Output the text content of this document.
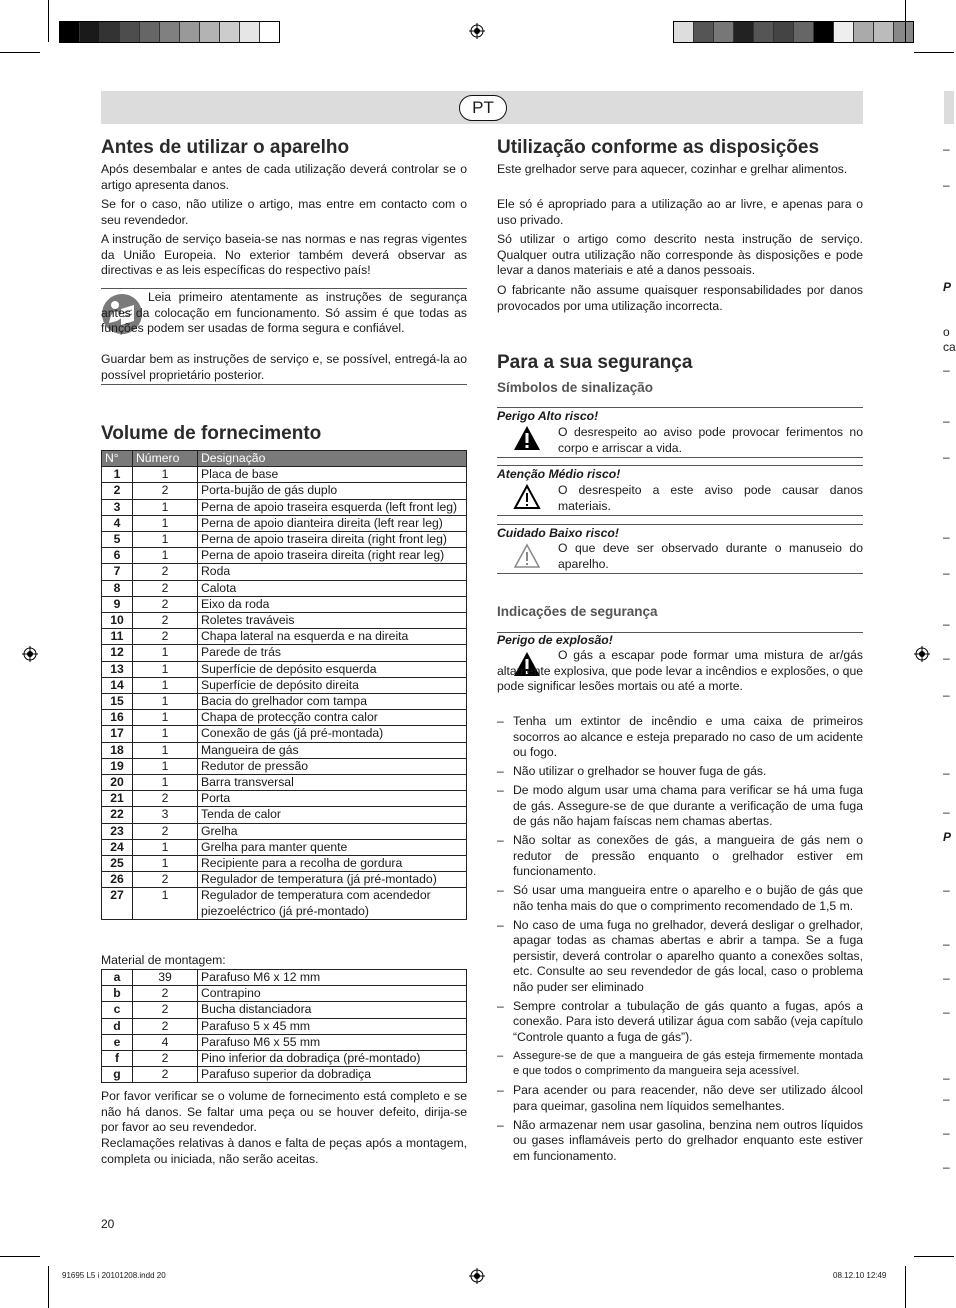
PT
Antes de utilizar o aparelho

Após desembalar e antes de cada utilização deverá controlar se o artigo apresenta danos.

Se for o caso, não utilize o artigo, mas entre em contacto com o seu revendedor.

A instrução de serviço baseia-se nas normas e nas regras vigentes da União Europeia. No exterior também deverá observar as directivas e as leis específicas do respectivo país!

Leia primeiro atentamente as instruções de segurança antes da colocação em funcionamento. Só assim é que todas as funções podem ser usadas de forma segura e confiável.

Guardar bem as instruções de serviço e, se possível, entregá-la ao possível proprietário posterior.

Volume de fornecimento
N°	Número	Designação
1	1	Placa de base
2	2	Porta-bujão de gás duplo
3	1	Perna de apoio traseira esquerda (left front leg)
4	1	Perna de apoio dianteira direita (left rear leg)
5	1	Perna de apoio traseira direita (right front leg)
6	1	Perna de apoio traseira direita (right rear leg)
7	2	Roda
8	2	Calota
9	2	Eixo da roda
10	2	Roletes traváveis
11	2	Chapa lateral na esquerda e na direita
12	1	Parede de trás
13	1	Superfície de depósito esquerda
14	1	Superfície de depósito direita
15	1	Bacia do grelhador com tampa
16	1	Chapa de protecção contra calor
17	1	Conexão de gás (já pré-montada)
18	1	Mangueira de gás
19	1	Redutor de pressão
20	1	Barra transversal
21	2	Porta
22	3	Tenda de calor
23	2	Grelha
24	1	Grelha para manter quente
25	1	Recipiente para a recolha de gordura
26	2	Regulador de temperatura (já pré-montado)
27	1	Regulador de temperatura com acendedor piezoeléctrico (já pré-montado)

Material de montagem:

a	39	Parafuso M6 x 12 mm
b	2	Contrapino
c	2	Bucha distanciadora
d	2	Parafuso 5 x 45 mm
e	4	Parafuso M6 x 55 mm
f	2	Pino inferior da dobradiça (pré-montado)
g	2	Parafuso superior da dobradiça

Por favor verificar se o volume de fornecimento está completo e se não há danos. Se faltar uma peça ou se houver defeito, dirija-se por favor ao seu revendedor.

Reclamações relativas à danos e falta de peças após a montagem, completa ou iniciada, não serão aceitas.

Utilização conforme as disposições

Este grelhador serve para aquecer, cozinhar e grelhar alimentos.

Ele só é apropriado para a utilização ao ar livre, e apenas para o uso privado.

Só utilizar o artigo como descrito nesta instrução de serviço. Qualquer outra utilização não corresponde às disposições e pode levar a danos materiais e até a danos pessoais.

O fabricante não assume quaisquer responsabilidades por danos provocados por uma utilização incorrecta.

Para a sua segurança
Símbolos de sinalização
Perigo Alto risco!

O desrespeito ao aviso pode provocar ferimentos no corpo e arriscar a vida.

Atenção Médio risco!

O desrespeito a este aviso pode causar danos materiais.

Cuidado Baixo risco!

O que deve ser observado durante o manuseio do aparelho.

Indicações de segurança
Perigo de explosão!

O gás a escapar pode formar uma mistura de ar/gás altamente explosiva, que pode levar a incêndios e explosões, o que pode significar lesões mortais ou até a morte.

– Tenha um extintor de incêndio e uma caixa de primeiros socorros ao alcance e esteja preparado no caso de um acidente ou fogo.
– Não utilizar o grelhador se houver fuga de gás.
– De modo algum usar uma chama para verificar se há uma fuga de gás. Assegure-se de que durante a verificação de uma fuga de gás não hajam faíscas nem chamas abertas.
– Não soltar as conexões de gás, a mangueira de gás nem o redutor de pressão enquanto o grelhador estiver em funcionamento.
– Só usar uma mangueira entre o aparelho e o bujão de gás que não tenha mais do que o comprimento recomendado de 1,5 m.
– No caso de uma fuga no grelhador, deverá desligar o grelhador, apagar todas as chamas abertas e abrir a tampa. Se a fuga persistir, deverá controlar o aparelho quanto a conexões soltas, etc. Consulte ao seu revendedor de gás local, caso o problema não puder ser eliminado
– Sempre controlar a tubulação de gás quanto a fugas, após a conexão. Para isto deverá utilizar água com sabão (veja capítulo “Controle quanto a fuga de gás”).
– Assegure-se de que a mangueira de gás esteja firmemente montada e que todos o comprimento da mangueira seja acessível.
– Para acender ou para reacender, não deve ser utilizado álcool para queimar, gasolina nem líquidos semelhantes.
– Não armazenar nem usar gasolina, benzina nem outros líquidos ou gases inflamáveis perto do grelhador enquanto este estiver em funcionamento.
–
–
P
o
ca
–
–
–
–
–
–
–
–
–
–
P
–
–
–
–
–
–
–
–
20
91695 L5 i 20101208.indd 20	08.12.10 12:49
